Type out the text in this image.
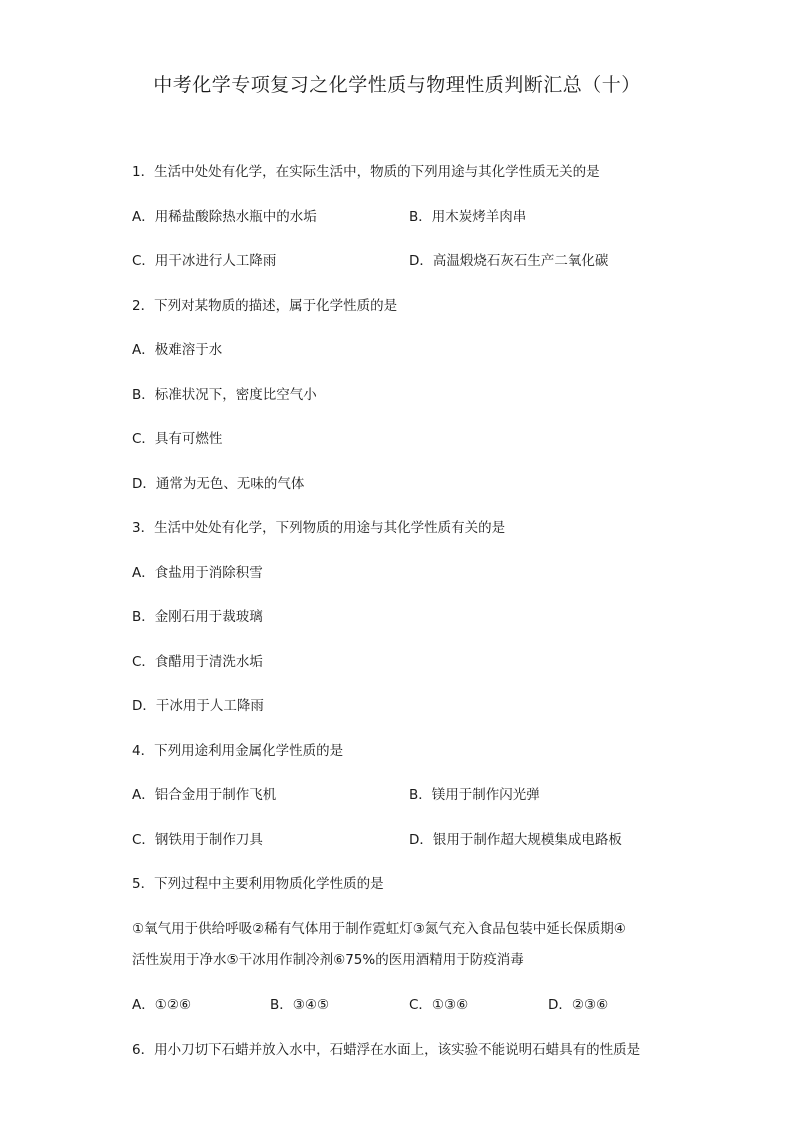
中考化学专项复习之化学性质与物理性质判断汇总（十）
1．生活中处处有化学，在实际生活中，物质的下列用途与其化学性质无关的是
A．用稀盐酸除热水瓶中的水垢	B．用木炭烤羊肉串
C．用干冰进行人工降雨	D．高温煅烧石灰石生产二氧化碳
2．下列对某物质的描述，属于化学性质的是
A．极难溶于水
B．标准状况下，密度比空气小
C．具有可燃性
D．通常为无色、无味的气体
3．生活中处处有化学，下列物质的用途与其化学性质有关的是
A．食盐用于消除积雪
B．金刚石用于裁玻璃
C．食醋用于清洗水垢
D．干冰用于人工降雨
4．下列用途利用金属化学性质的是
A．铝合金用于制作飞机	B．镁用于制作闪光弹
C．钢铁用于制作刀具	D．银用于制作超大规模集成电路板
5．下列过程中主要利用物质化学性质的是
①氧气用于供给呼吸②稀有气体用于制作霓虹灯③氮气充入食品包装中延长保质期④
活性炭用于净水⑤干冰用作制冷剂⑥75%的医用酒精用于防疫消毒
A．①②⑥	B．③④⑤	C．①③⑥	D．②③⑥
6．用小刀切下石蜡并放入水中，石蜡浮在水面上，该实验不能说明石蜡具有的性质是
